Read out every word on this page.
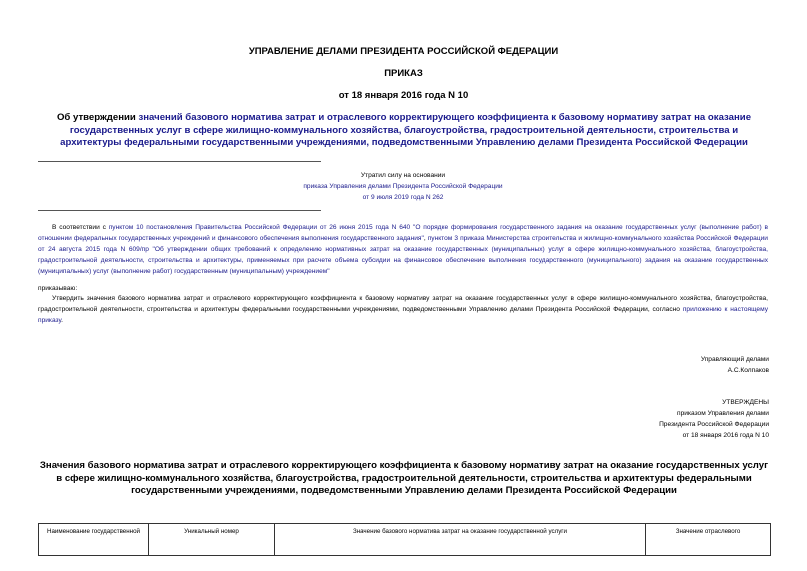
УПРАВЛЕНИЕ ДЕЛАМИ ПРЕЗИДЕНТА РОССИЙСКОЙ ФЕДЕРАЦИИ
ПРИКАЗ
от 18 января 2016 года N 10
Об утверждении значений базового норматива затрат и отраслевого корректирующего коэффициента к базовому нормативу затрат на оказание государственных услуг в сфере жилищно-коммунального хозяйства, благоустройства, градостроительной деятельности, строительства и архитектуры федеральными государственными учреждениями, подведомственными Управлению делами Президента Российской Федерации
Утратил силу на основании
приказа Управления делами Президента Российской Федерации
от 9 июля 2019 года N 262
В соответствии с пунктом 10 постановления Правительства Российской Федерации от 26 июня 2015 года N 640 "О порядке формирования государственного задания на оказание государственных услуг (выполнение работ) в отношении федеральных государственных учреждений и финансового обеспечения выполнения государственного задания", пунктом 3 приказа Министерства строительства и жилищно-коммунального хозяйства Российской Федерации от 24 августа 2015 года N 609/пр "Об утверждении общих требований к определению нормативных затрат на оказание государственных (муниципальных) услуг в сфере жилищно-коммунального хозяйства, благоустройства, градостроительной деятельности, строительства и архитектуры, применяемых при расчете объема субсидии на финансовое обеспечение выполнения государственного (муниципального) задания на оказание государственных (муниципальных) услуг (выполнение работ) государственным (муниципальным) учреждением"
приказываю:
Утвердить значения базового норматива затрат и отраслевого корректирующего коэффициента к базовому нормативу затрат на оказание государственных услуг в сфере жилищно-коммунального хозяйства, благоустройства, градостроительной деятельности, строительства и архитектуры федеральными государственными учреждениями, подведомственными Управлению делами Президента Российской Федерации, согласно приложению к настоящему приказу.
Управляющий делами
А.С.Колпаков
УТВЕРЖДЕНЫ
приказом Управления делами
Президента Российской Федерации
от 18 января 2016 года N 10
Значения базового норматива затрат и отраслевого корректирующего коэффициента к базовому нормативу затрат на оказание государственных услуг в сфере жилищно-коммунального хозяйства, благоустройства, градостроительной деятельности, строительства и архитектуры федеральными государственными учреждениями, подведомственными Управлению делами Президента Российской Федерации
Наименование государственной	Уникальный номер	Значение базового норматива затрат на оказание государственной услуги	Значение отраслевого
